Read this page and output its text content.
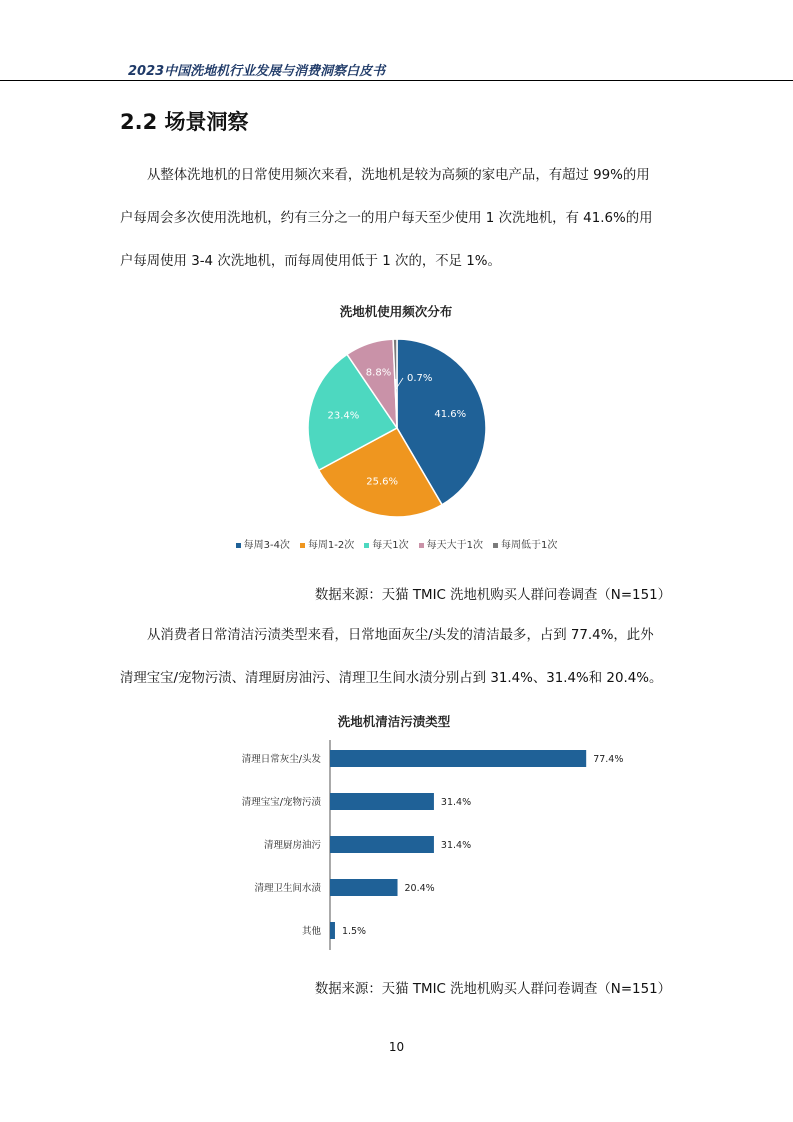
2023中国洗地机行业发展与消费洞察白皮书
2.2 场景洞察
从整体洗地机的日常使用频次来看，洗地机是较为高频的家电产品，有超过 99%的用
户每周会多次使用洗地机，约有三分之一的用户每天至少使用 1 次洗地机，有 41.6%的用
户每周使用 3-4 次洗地机，而每周使用低于 1 次的，不足 1%。
洗地机使用频次分布
41.6%
25.6%
23.4%
8.8% 0.7%
每周3-4次 每周1-2次 每天1次 每天大于1次 每周低于1次
数据来源：天猫 TMIC 洗地机购买人群问卷调查（N=151）
从消费者日常清洁污渍类型来看，日常地面灰尘/头发的清洁最多，占到 77.4%，此外
清理宝宝/宠物污渍、清理厨房油污、清理卫生间水渍分别占到 31.4%、31.4%和 20.4%。
洗地机清洁污渍类型
清理日常灰尘/头发	77.4%
清理宝宝/宠物污渍	31.4%
清理厨房油污	31.4%
清理卫生间水渍	20.4%
其他 1.5%
数据来源：天猫 TMIC 洗地机购买人群问卷调查（N=151）
10
